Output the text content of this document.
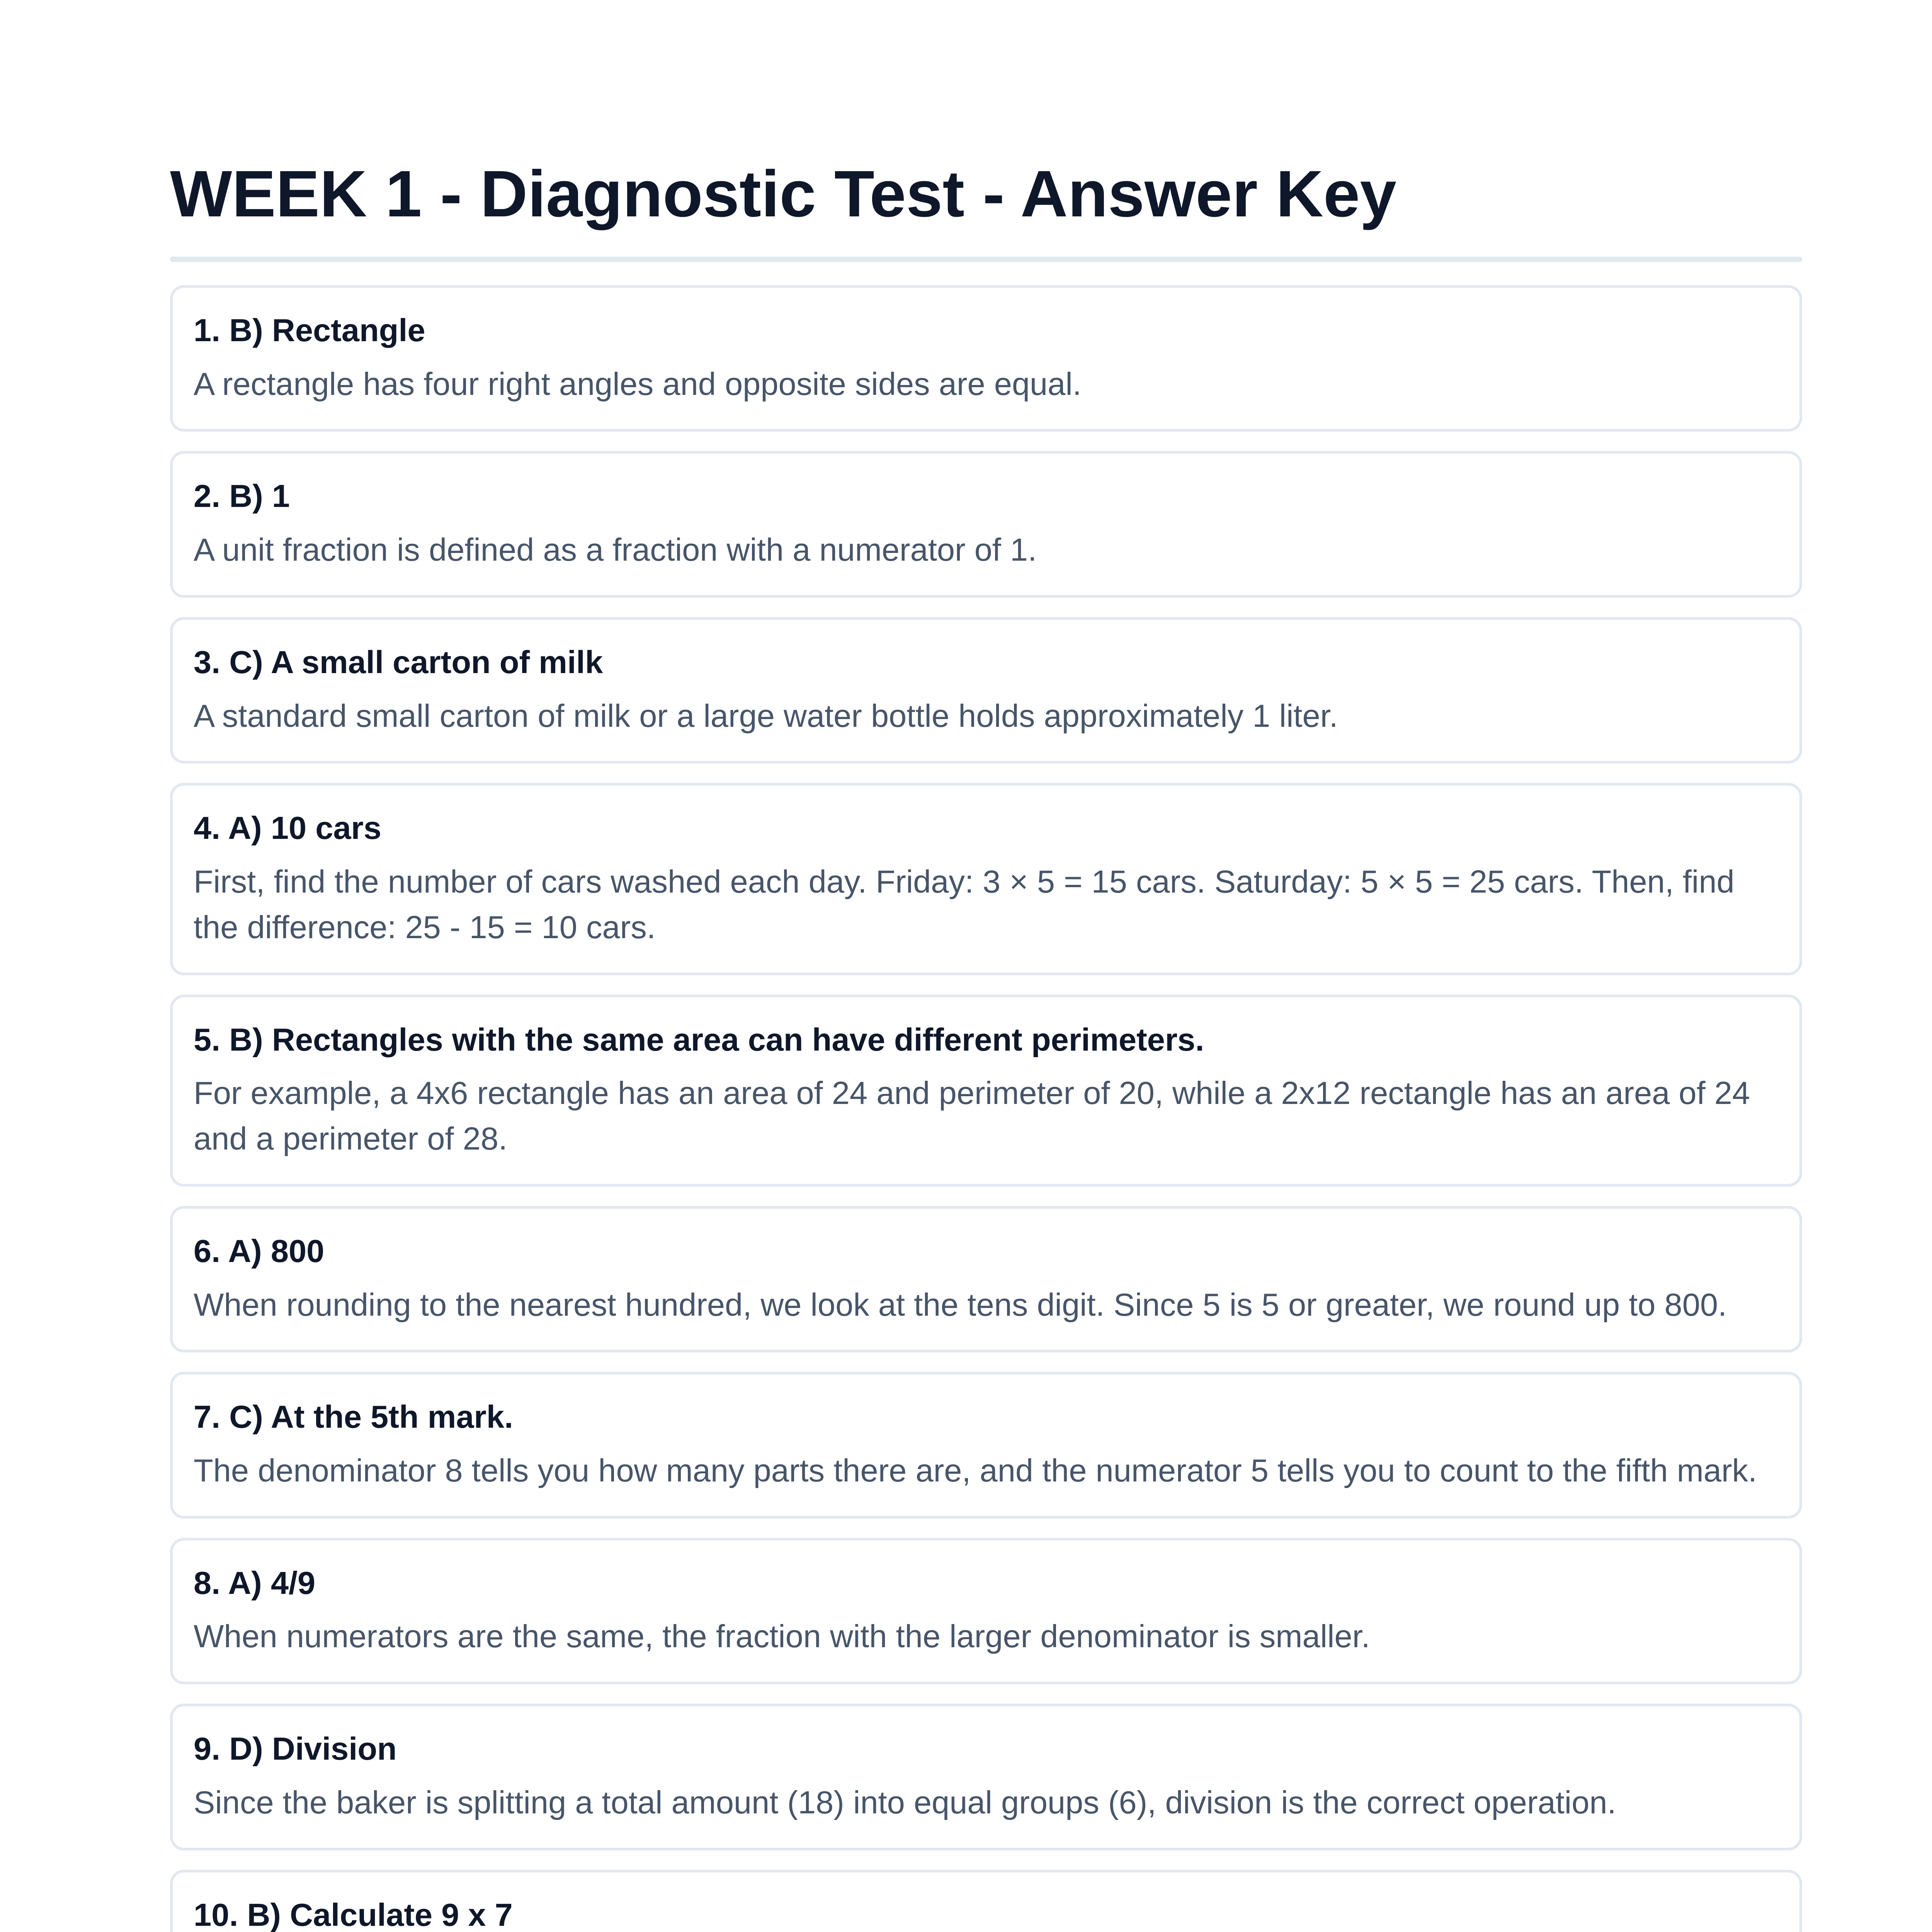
WEEK 1 - Diagnostic Test - Answer Key
1. B) Rectangle
A rectangle has four right angles and opposite sides are equal.
2. B) 1
A unit fraction is defined as a fraction with a numerator of 1.
3. C) A small carton of milk
A standard small carton of milk or a large water bottle holds approximately 1 liter.
4. A) 10 cars
First, find the number of cars washed each day. Friday: 3 × 5 = 15 cars. Saturday: 5 × 5 = 25 cars. Then, find the difference: 25 - 15 = 10 cars.
5. B) Rectangles with the same area can have different perimeters.
For example, a 4x6 rectangle has an area of 24 and perimeter of 20, while a 2x12 rectangle has an area of 24 and a perimeter of 28.
6. A) 800
When rounding to the nearest hundred, we look at the tens digit. Since 5 is 5 or greater, we round up to 800.
7. C) At the 5th mark.
The denominator 8 tells you how many parts there are, and the numerator 5 tells you to count to the fifth mark.
8. A) 4/9
When numerators are the same, the fraction with the larger denominator is smaller.
9. D) Division
Since the baker is splitting a total amount (18) into equal groups (6), division is the correct operation.
10. B) Calculate 9 x 7
